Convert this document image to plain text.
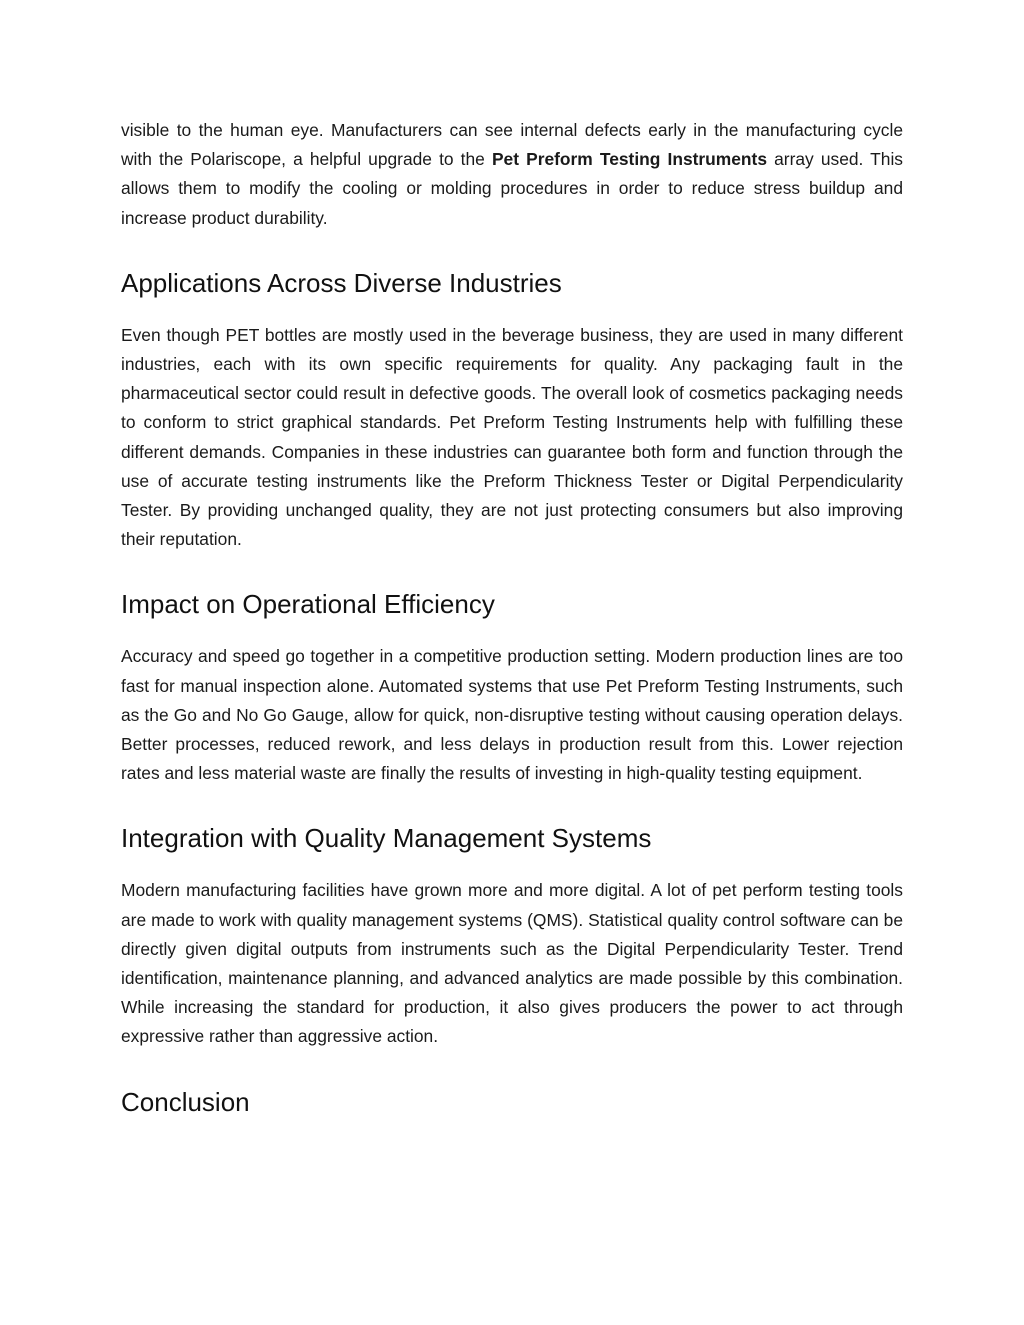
visible to the human eye. Manufacturers can see internal defects early in the manufacturing cycle with the Polariscope, a helpful upgrade to the Pet Preform Testing Instruments array used. This allows them to modify the cooling or molding procedures in order to reduce stress buildup and increase product durability.

Applications Across Diverse Industries

Even though PET bottles are mostly used in the beverage business, they are used in many different industries, each with its own specific requirements for quality. Any packaging fault in the pharmaceutical sector could result in defective goods. The overall look of cosmetics packaging needs to conform to strict graphical standards. Pet Preform Testing Instruments help with fulfilling these different demands. Companies in these industries can guarantee both form and function through the use of accurate testing instruments like the Preform Thickness Tester or Digital Perpendicularity Tester. By providing unchanged quality, they are not just protecting consumers but also improving their reputation.

Impact on Operational Efficiency

Accuracy and speed go together in a competitive production setting. Modern production lines are too fast for manual inspection alone. Automated systems that use Pet Preform Testing Instruments, such as the Go and No Go Gauge, allow for quick, non-disruptive testing without causing operation delays. Better processes, reduced rework, and less delays in production result from this. Lower rejection rates and less material waste are finally the results of investing in high-quality testing equipment.

Integration with Quality Management Systems

Modern manufacturing facilities have grown more and more digital. A lot of pet perform testing tools are made to work with quality management systems (QMS). Statistical quality control software can be directly given digital outputs from instruments such as the Digital Perpendicularity Tester. Trend identification, maintenance planning, and advanced analytics are made possible by this combination. While increasing the standard for production, it also gives producers the power to act through expressive rather than aggressive action.

Conclusion
